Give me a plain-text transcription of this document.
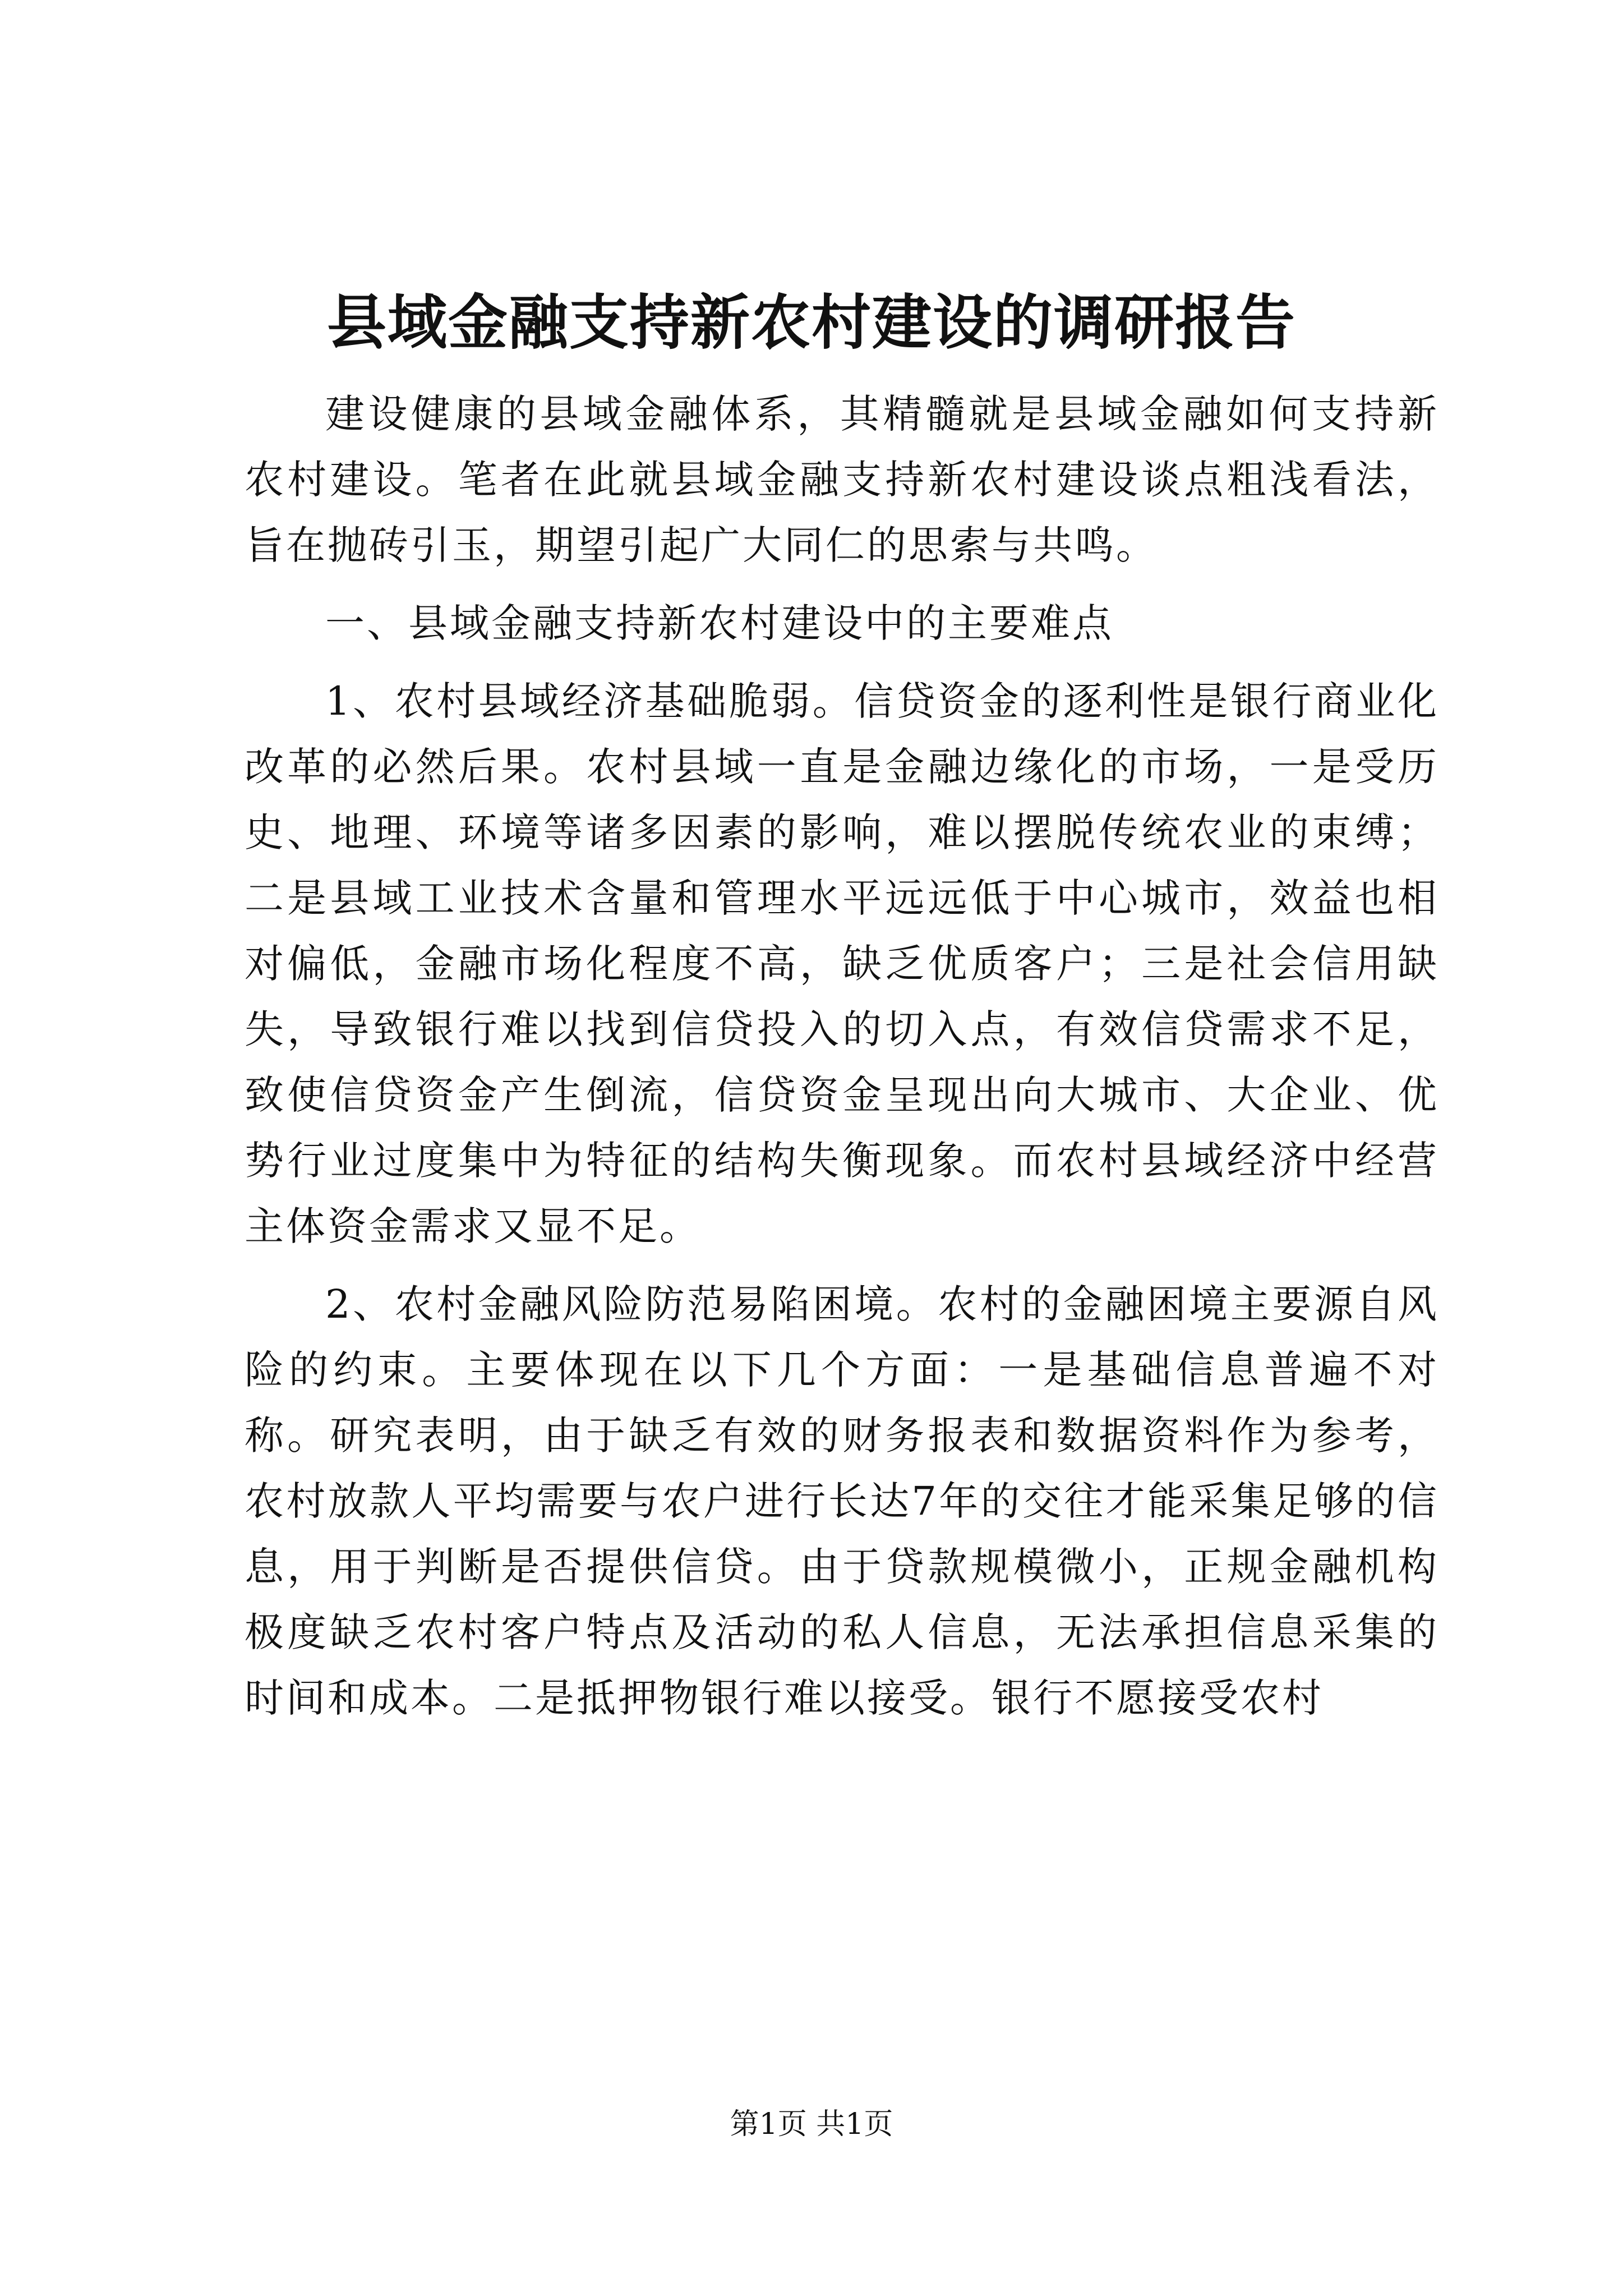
县域金融支持新农村建设的调研报告

建设健康的县域金融体系，其精髓就是县域金融如何支持新农村建设。笔者在此就县域金融支持新农村建设谈点粗浅看法，旨在抛砖引玉，期望引起广大同仁的思索与共鸣。

一、县域金融支持新农村建设中的主要难点

1、农村县域经济基础脆弱。信贷资金的逐利性是银行商业化改革的必然后果。农村县域一直是金融边缘化的市场，一是受历史、地理、环境等诸多因素的影响，难以摆脱传统农业的束缚；二是县域工业技术含量和管理水平远远低于中心城市，效益也相对偏低，金融市场化程度不高，缺乏优质客户；三是社会信用缺失，导致银行难以找到信贷投入的切入点，有效信贷需求不足，致使信贷资金产生倒流，信贷资金呈现出向大城市、大企业、优势行业过度集中为特征的结构失衡现象。而农村县域经济中经营主体资金需求又显不足。

2、农村金融风险防范易陷困境。农村的金融困境主要源自风险的约束。主要体现在以下几个方面：一是基础信息普遍不对称。研究表明，由于缺乏有效的财务报表和数据资料作为参考，农村放款人平均需要与农户进行长达7年的交往才能采集足够的信息，用于判断是否提供信贷。由于贷款规模微小，正规金融机构极度缺乏农村客户特点及活动的私人信息，无法承担信息采集的时间和成本。二是抵押物银行难以接受。银行不愿接受农村

第1页 共1页
